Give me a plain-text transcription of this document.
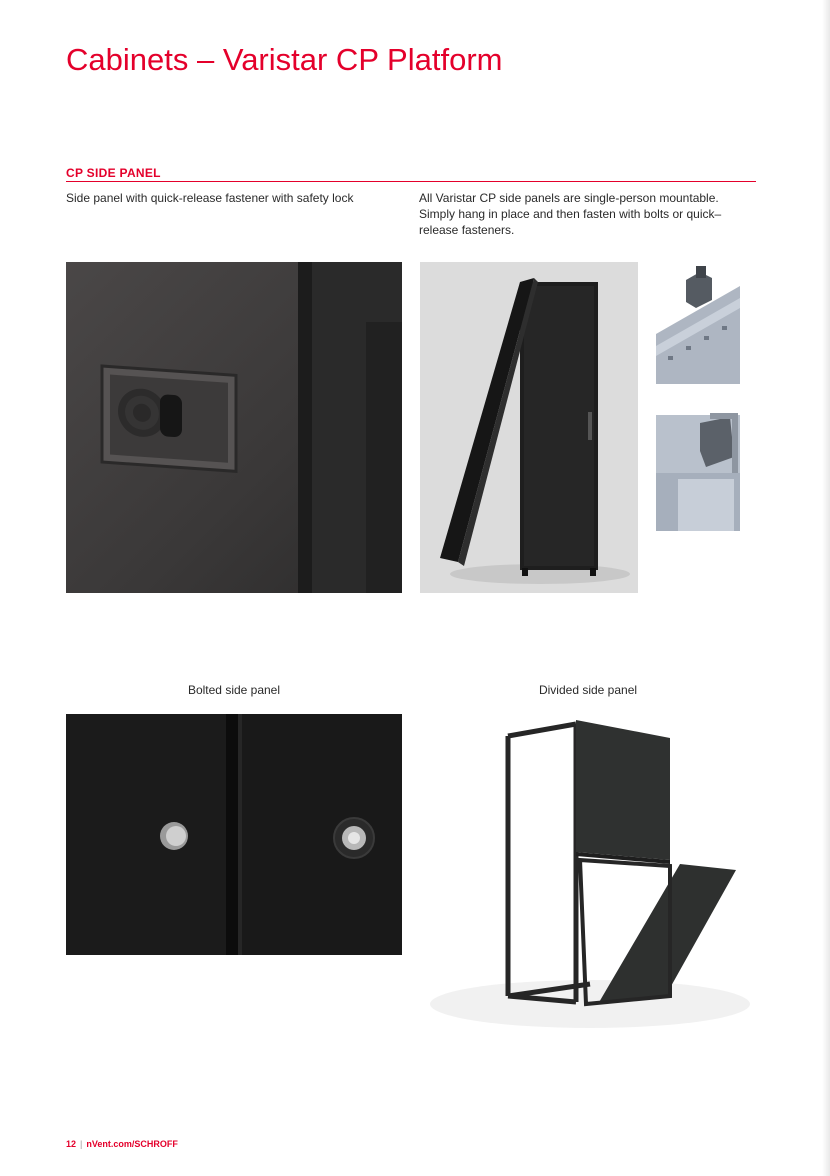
Cabinets – Varistar CP Platform
CP SIDE PANEL
Side panel with quick-release fastener with safety lock	All Varistar CP side panels are single-person mountable. Simply hang in place and then fasten with bolts or quick–release fasteners.
Bolted side panel	Divided side panel
12 | nVent.com/SCHROFF
